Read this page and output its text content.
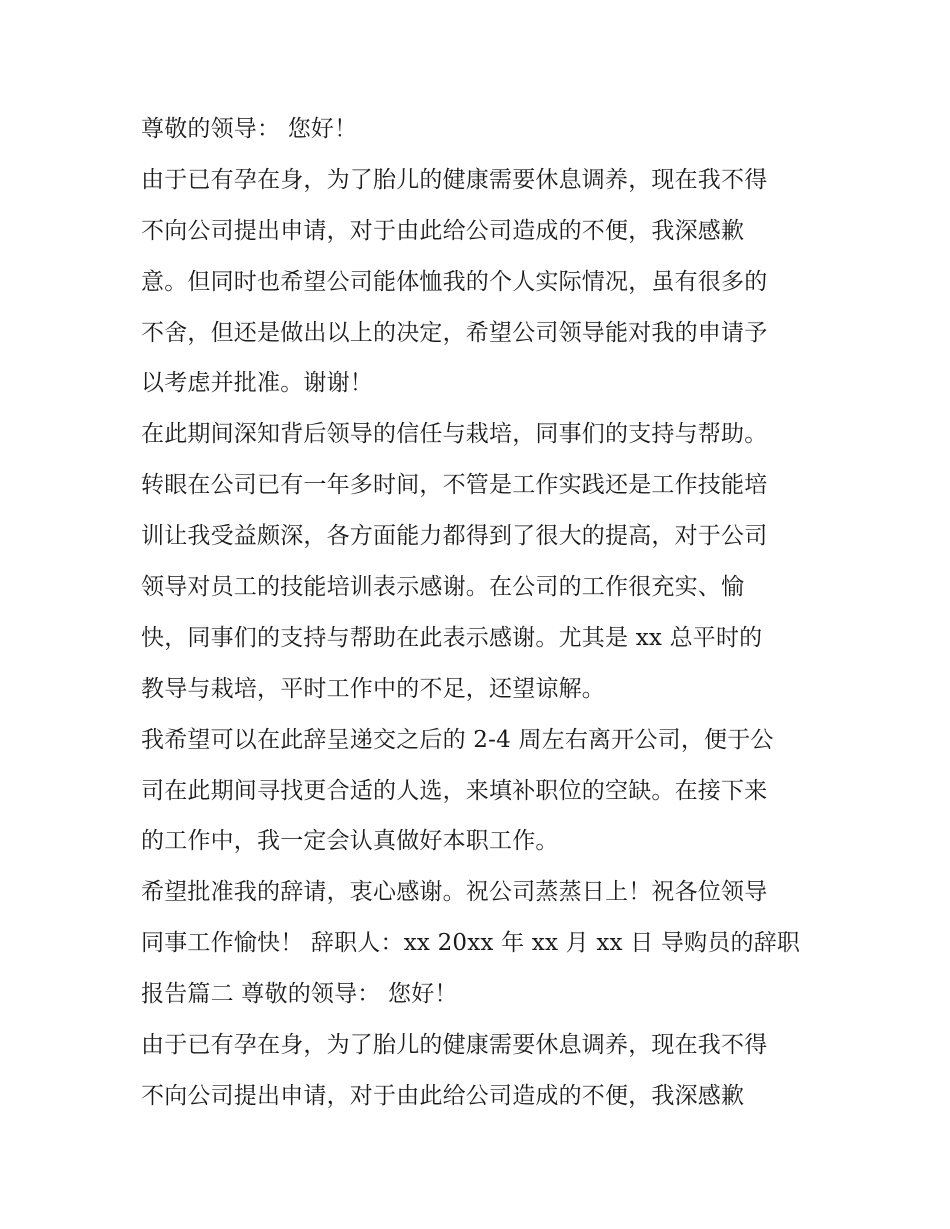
尊敬的领导： 您好！
由于已有孕在身，为了胎儿的健康需要休息调养，现在我不得
不向公司提出申请，对于由此给公司造成的不便，我深感歉
意。但同时也希望公司能体恤我的个人实际情况，虽有很多的
不舍，但还是做出以上的决定，希望公司领导能对我的申请予
以考虑并批准。谢谢！
在此期间深知背后领导的信任与栽培，同事们的支持与帮助。
转眼在公司已有一年多时间，不管是工作实践还是工作技能培
训让我受益颇深，各方面能力都得到了很大的提高，对于公司
领导对员工的技能培训表示感谢。在公司的工作很充实、愉
快，同事们的支持与帮助在此表示感谢。尤其是 xx 总平时的
教导与栽培，平时工作中的不足，还望谅解。
我希望可以在此辞呈递交之后的 2-4 周左右离开公司，便于公
司在此期间寻找更合适的人选，来填补职位的空缺。在接下来
的工作中，我一定会认真做好本职工作。
希望批准我的辞请，衷心感谢。祝公司蒸蒸日上！祝各位领导
同事工作愉快！ 辞职人：xx 20xx 年 xx 月 xx 日 导购员的辞职
报告篇二 尊敬的领导： 您好！
由于已有孕在身，为了胎儿的健康需要休息调养，现在我不得
不向公司提出申请，对于由此给公司造成的不便，我深感歉
